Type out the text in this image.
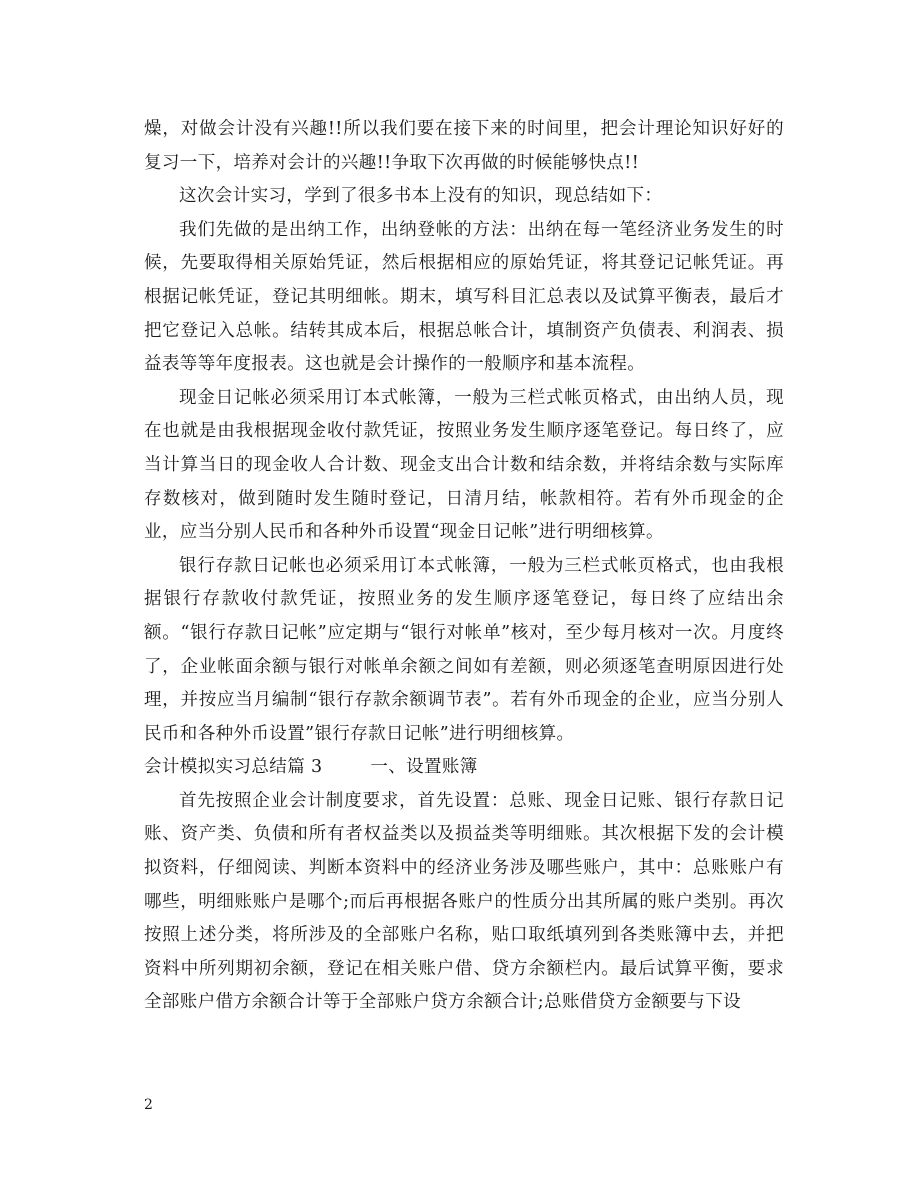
燥，对做会计没有兴趣!!所以我们要在接下来的时间里，把会计理论知识好好的复习一下，培养对会计的兴趣!!争取下次再做的时候能够快点!!

这次会计实习，学到了很多书本上没有的知识，现总结如下：

我们先做的是出纳工作，出纳登帐的方法：出纳在每一笔经济业务发生的时候，先要取得相关原始凭证，然后根据相应的原始凭证，将其登记记帐凭证。再根据记帐凭证，登记其明细帐。期末，填写科目汇总表以及试算平衡表，最后才把它登记入总帐。结转其成本后，根据总帐合计，填制资产负债表、利润表、损益表等等年度报表。这也就是会计操作的一般顺序和基本流程。

现金日记帐必须采用订本式帐簿，一般为三栏式帐页格式，由出纳人员，现在也就是由我根据现金收付款凭证，按照业务发生顺序逐笔登记。每日终了，应当计算当日的现金收人合计数、现金支出合计数和结余数，并将结余数与实际库存数核对，做到随时发生随时登记，日清月结，帐款相符。若有外币现金的企业，应当分别人民币和各种外币设置“现金日记帐”进行明细核算。

银行存款日记帐也必须采用订本式帐簿，一般为三栏式帐页格式，也由我根据银行存款收付款凭证，按照业务的发生顺序逐笔登记，每日终了应结出余额。“银行存款日记帐”应定期与“银行对帐单”核对，至少每月核对一次。月度终了，企业帐面余额与银行对帐单余额之间如有差额，则必须逐笔查明原因进行处理，并按应当月编制“银行存款余额调节表”。若有外币现金的企业，应当分别人民币和各种外币设置”银行存款日记帐”进行明细核算。

会计模拟实习总结篇 3	一、设置账簿

首先按照企业会计制度要求，首先设置：总账、现金日记账、银行存款日记账、资产类、负债和所有者权益类以及损益类等明细账。其次根据下发的会计模拟资料，仔细阅读、判断本资料中的经济业务涉及哪些账户，其中：总账账户有哪些，明细账账户是哪个;而后再根据各账户的性质分出其所属的账户类别。再次按照上述分类，将所涉及的全部账户名称，贴口取纸填列到各类账簿中去，并把资料中所列期初余额，登记在相关账户借、贷方余额栏内。最后试算平衡，要求全部账户借方余额合计等于全部账户贷方余额合计;总账借贷方金额要与下设

2
